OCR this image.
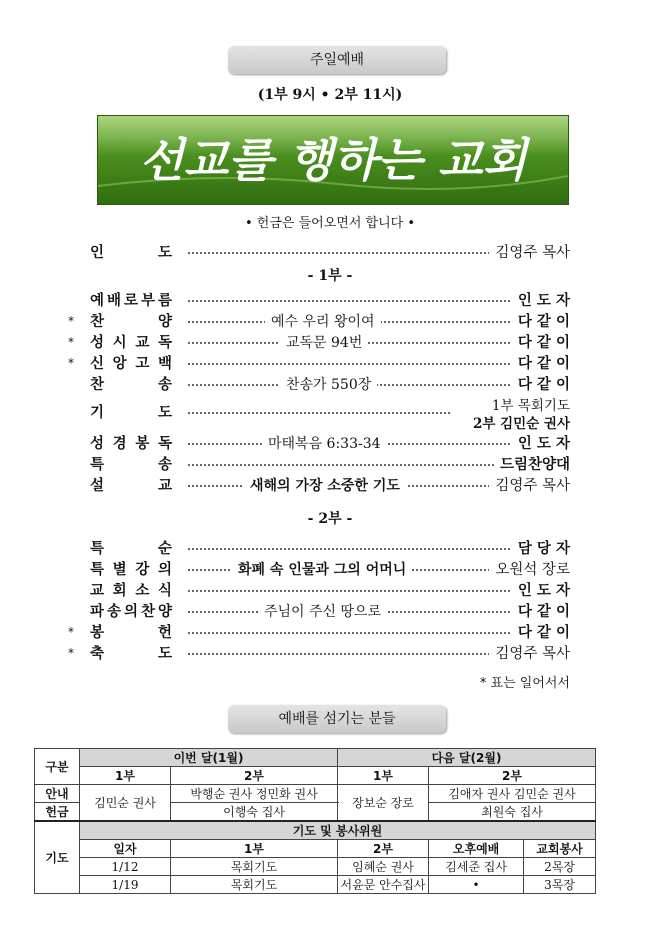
주일예배
(1부 9시 • 2부 11시)
선교를 행하는 교회
• 헌금은 들어오면서 합니다 •
인	도	김영주 목사
- 1부 -
예 배 로 부 름	인 도 자
* 찬	양	예수 우리 왕이여	다 같 이
* 성 시 교 독	교독문 94번	다 같 이
* 신 앙 고 백	다 같 이
찬	송	찬송가 550장	다 같 이
기	도	1부 목회기도
2부 김민순 권사
성 경 봉 독	마태복음 6:33-34	인 도 자
특	송	드림찬양대
설	교	새해의 가장 소중한 기도	김영주 목사
- 2부 -
특	순	담 당 자
특 별 강 의	화폐 속 인물과 그의 어머니	오원석 장로
교 회 소 식	인 도 자
파 송 의 찬 양	주님이 주신 땅으로	다 같 이
* 봉	헌	다 같 이
* 축	도	김영주 목사
* 표는 일어서서
예배를 섬기는 분들
구분	이번 달(1월)		다음 달(2월)		
	1부	2부	1부	2부	
안내	김민순 권사	박행순 권사 정민화 권사	장보순 장로	김애자 권사 김민순 권사	
헌금		이행숙 집사		최원숙 집사	
기도	기도 및 봉사위원				
	일자	1부	2부	오후예배	교회봉사
	1/12	목회기도	임혜순 권사	김세준 집사	2목장
	1/19	목회기도	서윤문 안수집사	•	3목장
